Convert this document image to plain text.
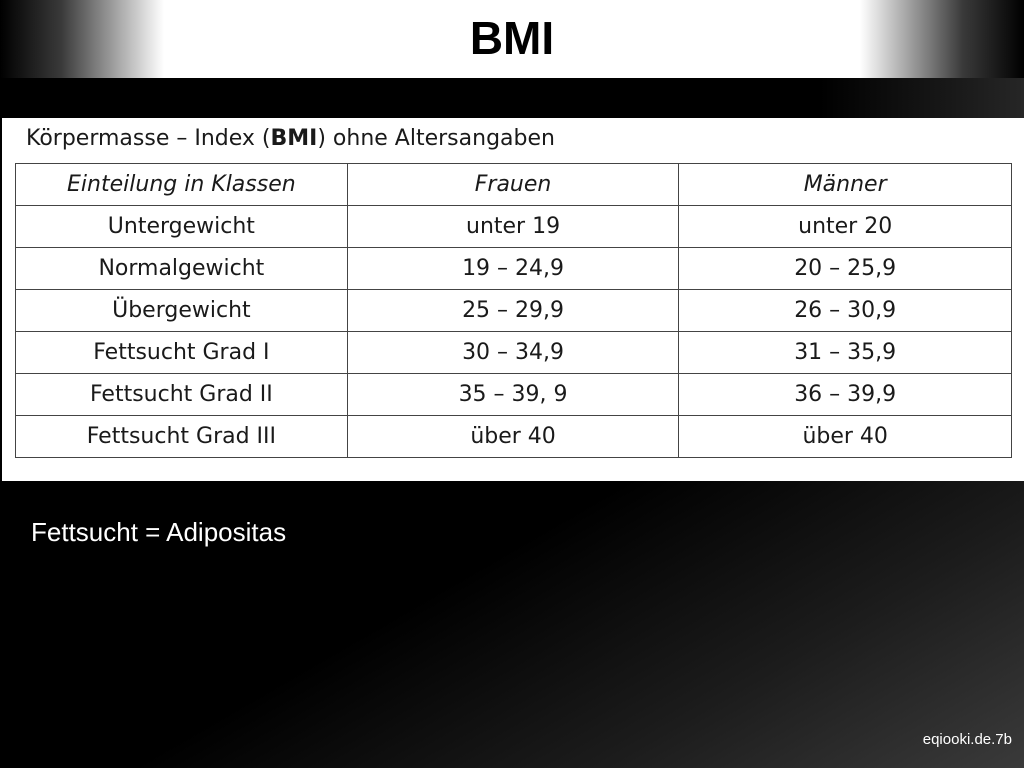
BMI
Körpermasse – Index (BMI) ohne Altersangaben
Einteilung in Klassen	Frauen	Männer
Untergewicht	unter 19	unter 20
Normalgewicht	19 – 24,9	20 – 25,9
Übergewicht	25 – 29,9	26 – 30,9
Fettsucht Grad I	30 – 34,9	31 – 35,9
Fettsucht Grad II	35 – 39, 9	36 – 39,9
Fettsucht Grad III	über 40	über 40
Fettsucht = Adipositas
eqiooki.de.7b
